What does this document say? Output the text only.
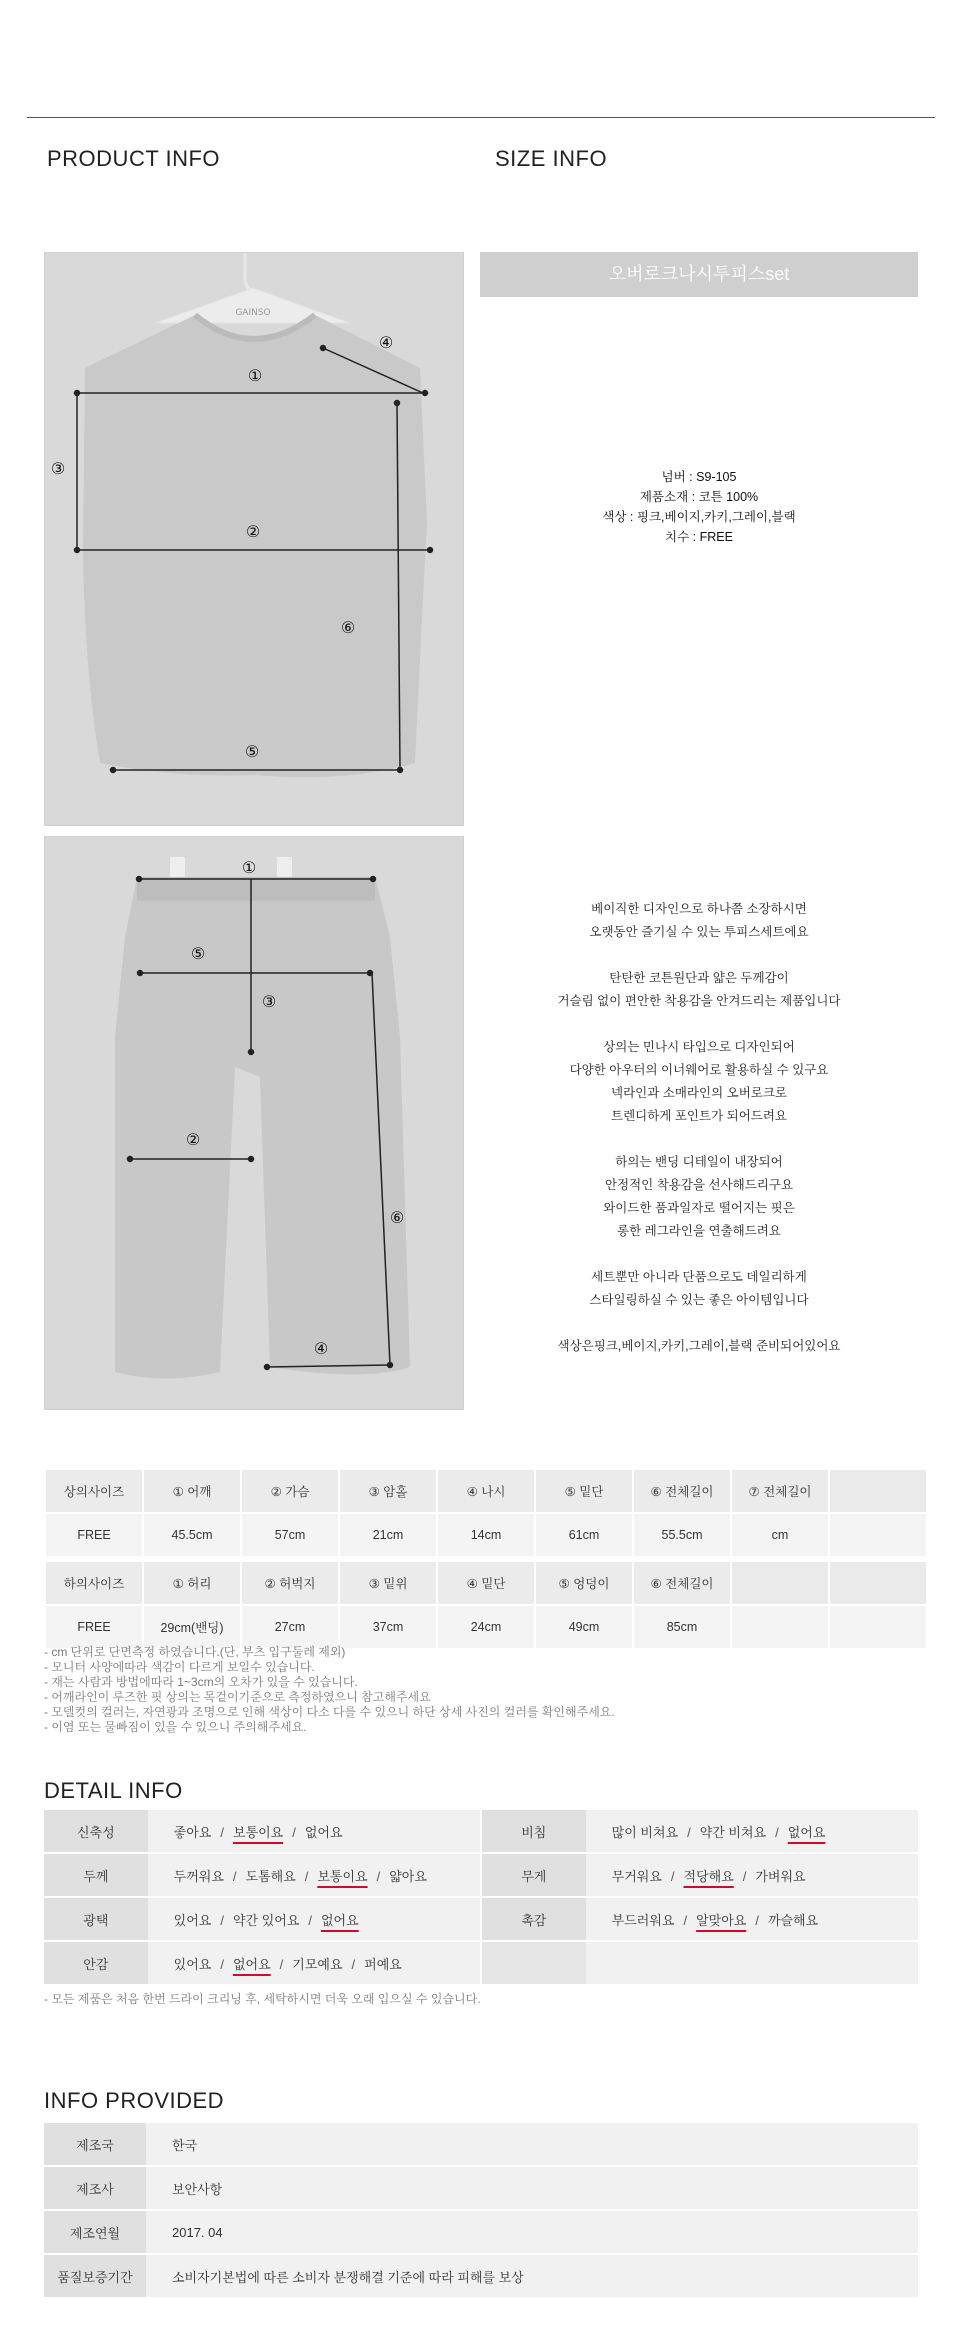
PRODUCT INFO	SIZE INFO
GAINSO
①
②
③
④
⑤
⑥
①
②
③
④
⑤
⑥
오버로크나시투피스set
넘버 : S9-105
제품소재 : 코튼 100%
색상 : 핑크,베이지,카키,그레이,블랙
치수 : FREE

베이직한 디자인으로 하나쯤 소장하시면
오랫동안 즐기실 수 있는 투피스세트에요

탄탄한 코튼원단과 얇은 두께감이
거슬림 없이 편안한 착용감을 안겨드리는 제품입니다

상의는 민나시 타입으로 디자인되어
다양한 아우터의 이너웨어로 활용하실 수 있구요
넥라인과 소매라인의 오버로크로
트렌디하게 포인트가 되어드려요

하의는 밴딩 디테일이 내장되어
안정적인 착용감을 선사해드리구요
와이드한 품과일자로 떨어지는 핏은
롱한 레그라인을 연출해드려요

세트뿐만 아니라 단품으로도 데일리하게
스타일링하실 수 있는 좋은 아이템입니다

색상은핑크,베이지,카키,그레이,블랙 준비되어있어요

상의사이즈	① 어깨	② 가슴	③ 암홀	④ 나시	⑤ 밑단	⑥ 전체길이	⑦ 전체길이	
FREE	45.5cm	57cm	21cm	14cm	61cm	55.5cm	cm	
하의사이즈	① 허리	② 허벅지	③ 밑위	④ 밑단	⑤ 엉덩이	⑥ 전체길이		
FREE	29cm(밴딩)	27cm	37cm	24cm	49cm	85cm		
- cm 단위로 단면측정 하였습니다.(단, 부츠 입구둘레 제외)
- 모니터 사양에따라 색감이 다르게 보일수 있습니다.
- 재는 사람과 방법에따라 1~3cm의 오차가 있을 수 있습니다.
- 어깨라인이 루즈한 핏 상의는 목겉이기준으로 측정하였으니 참고해주세요
- 모델컷의 컬러는, 자연광과 조명으로 인해 색상이 다소 다를 수 있으니 하단 상세 사진의 컬러를 확인해주세요.
- 이염 또는 물빠짐이 있을 수 있으니 주의해주세요.
DETAIL INFO
신축성	좋아요 / 보통이요 / 없어요	비침	많이 비쳐요 / 약간 비쳐요 / 없어요
두께	두꺼워요 / 도톰해요 / 보통이요 / 얇아요	무게	무거워요 / 적당해요 / 가벼워요
광택	있어요 / 약간 있어요 / 없어요	촉감	부드러워요 / 알맞아요 / 까슬해요
안감	있어요 / 없어요 / 기모예요 / 퍼예요		
- 모든 제품은 처음 한번 드라이 크리닝 후, 세탁하시면 더욱 오래 입으실 수 있습니다.
INFO PROVIDED
제조국	한국
제조사	보안사항
제조연월	2017. 04
품질보증기간	소비자기본법에 따른 소비자 분쟁해결 기준에 따라 피해를 보상
